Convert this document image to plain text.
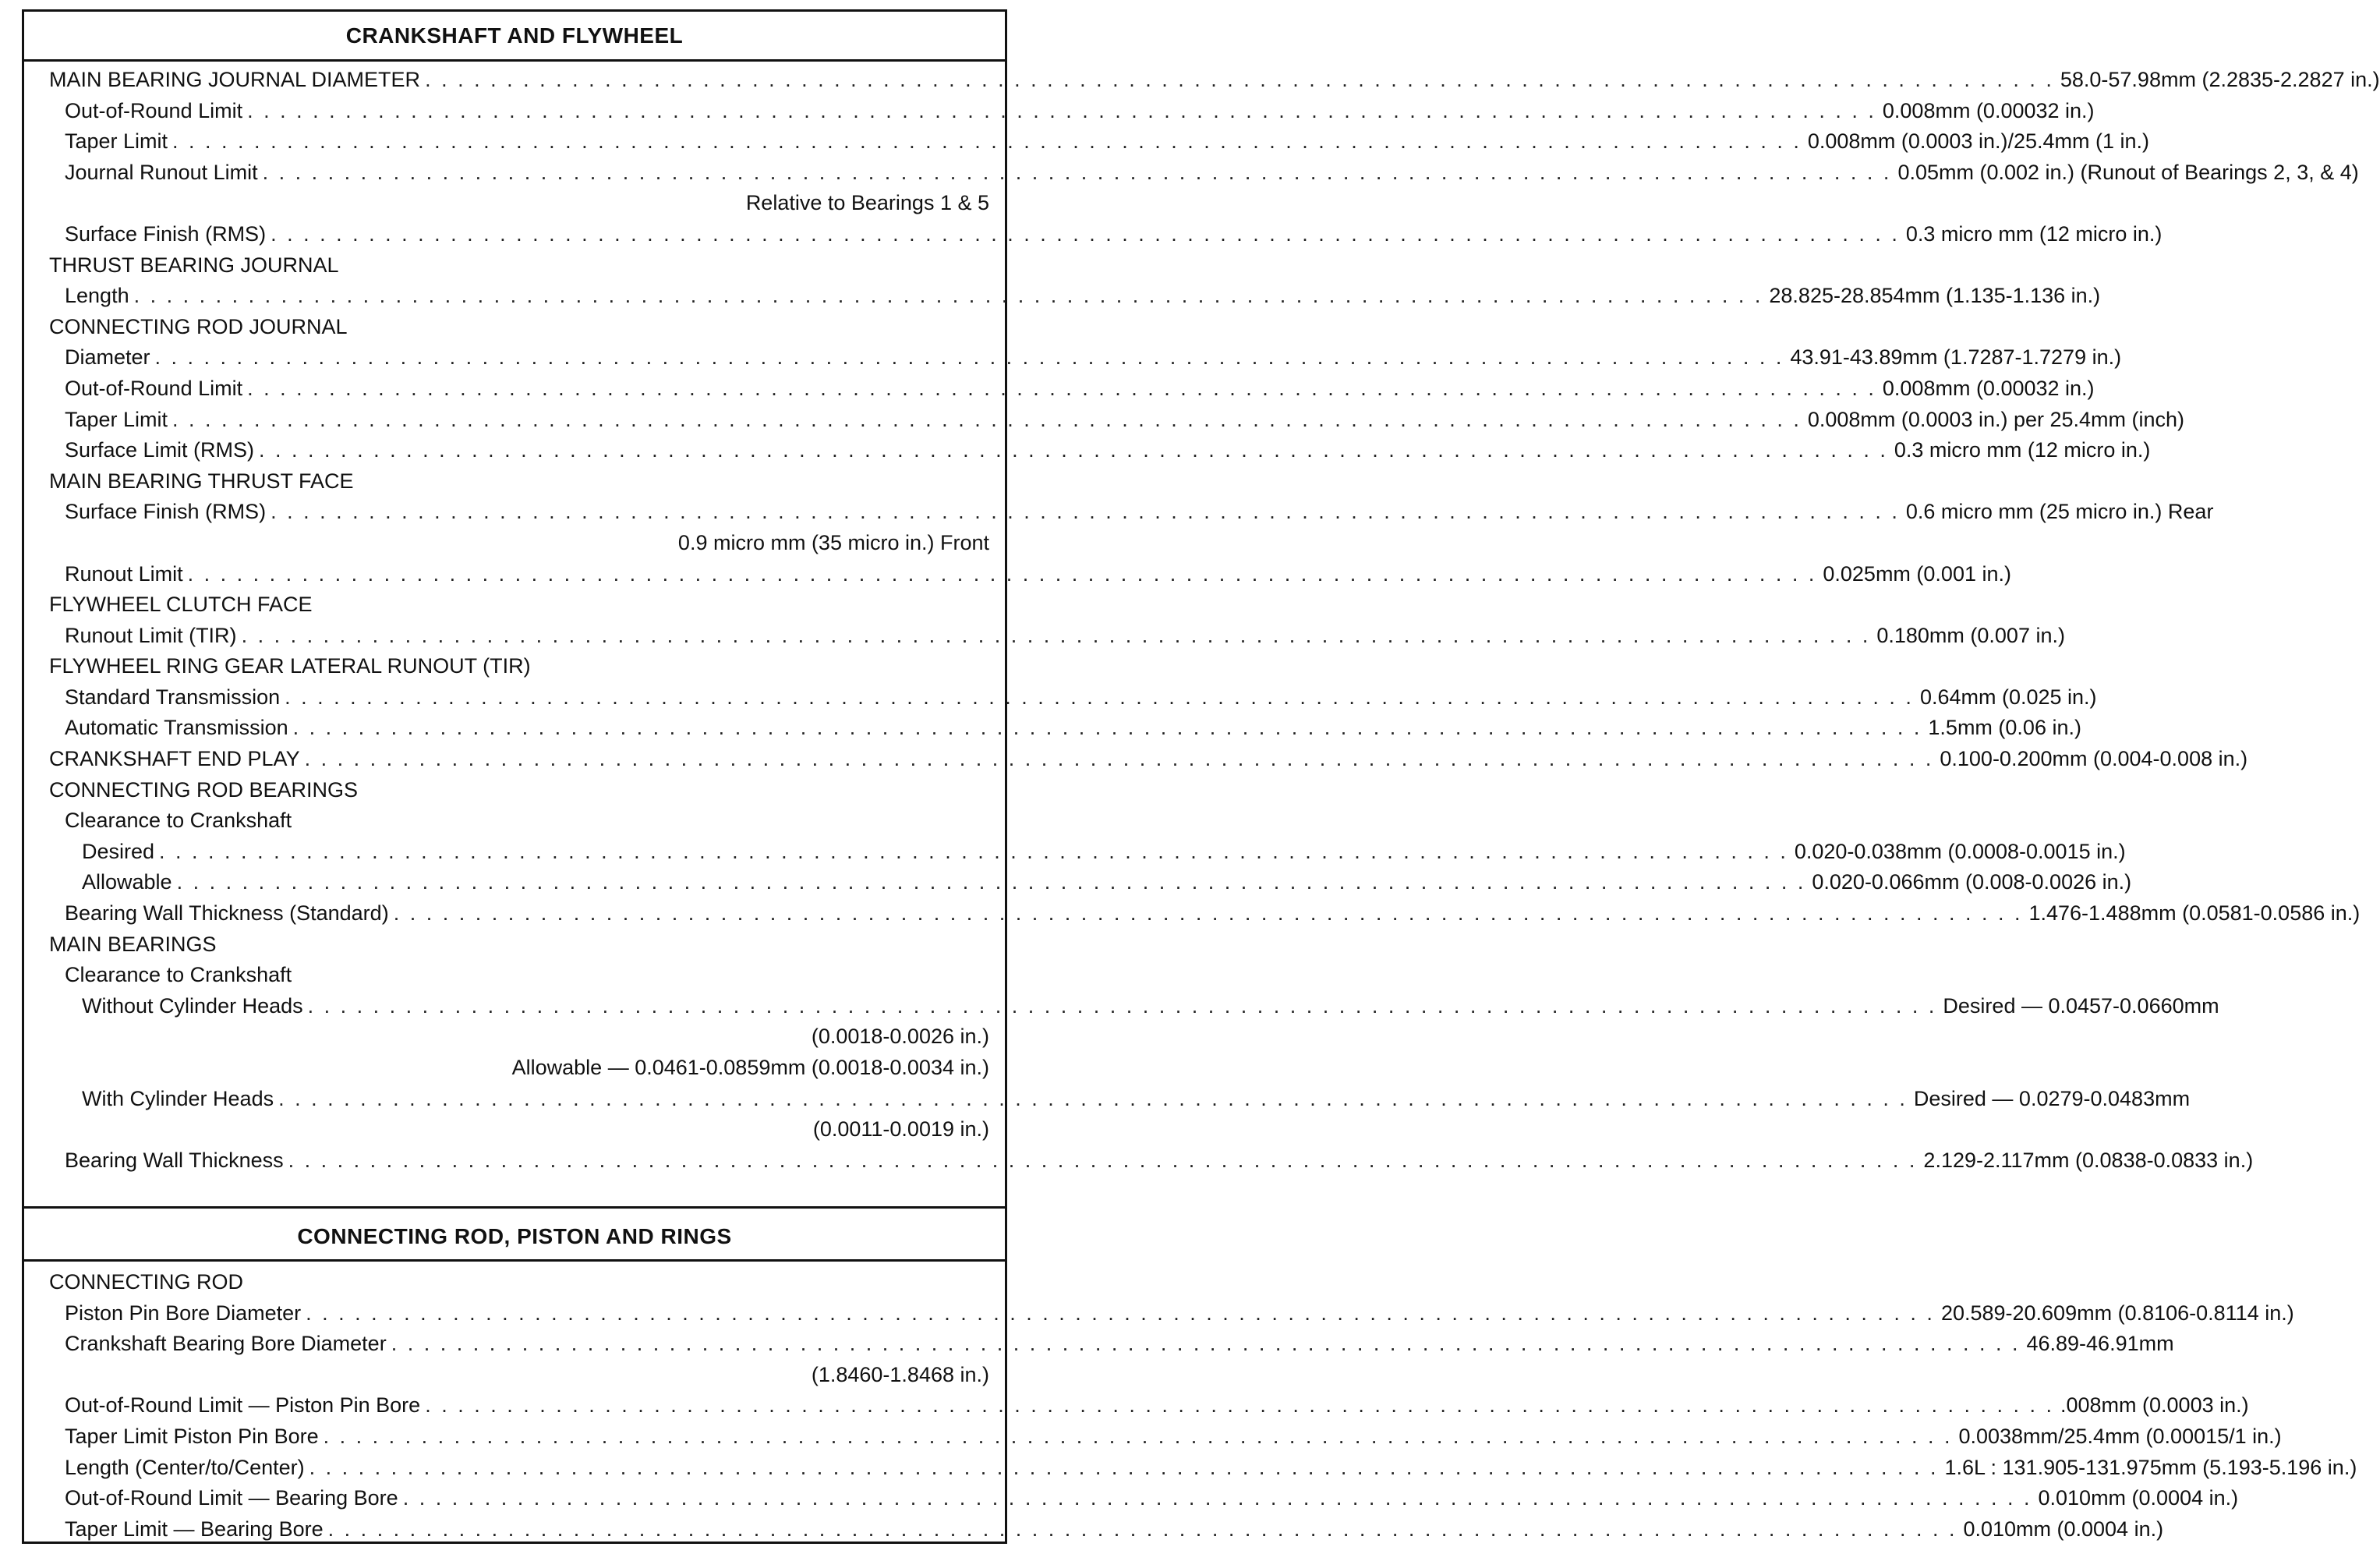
CRANKSHAFT AND FLYWHEEL
MAIN BEARING JOURNAL DIAMETER . . . . . . . . . . . . . . . . . . . . . . . . . . . . . . . . . . . . . . . . . . . . . . . . . . . . . . . . . . . . . . . . . . . . . . . . . . . . . . . . . . . . . . . . . . . . . . . . . . . . 58.0-57.98mm (2.2835-2.2827 in.)
Out-of-Round Limit . . . . . . . . . . . . . . . . . . . . . . . . . . . . . . . . . . . . . . . . . . . . . . . . . . . . . . . . . . . . . . . . . . . . . . . . . . . . . . . . . . . . . . . . . . . . . . . . . . . . 0.008mm (0.00032 in.)
Taper Limit . . . . . . . . . . . . . . . . . . . . . . . . . . . . . . . . . . . . . . . . . . . . . . . . . . . . . . . . . . . . . . . . . . . . . . . . . . . . . . . . . . . . . . . . . . . . . . . . . . . . 0.008mm (0.0003 in.)/25.4mm (1 in.)
Journal Runout Limit . . . . . . . . . . . . . . . . . . . . . . . . . . . . . . . . . . . . . . . . . . . . . . . . . . . . . . . . . . . . . . . . . . . . . . . . . . . . . . . . . . . . . . . . . . . . . . . . . . . . 0.05mm (0.002 in.) (Runout of Bearings 2, 3, & 4)
Relative to Bearings 1 & 5
Surface Finish (RMS) . . . . . . . . . . . . . . . . . . . . . . . . . . . . . . . . . . . . . . . . . . . . . . . . . . . . . . . . . . . . . . . . . . . . . . . . . . . . . . . . . . . . . . . . . . . . . . . . . . . . 0.3 micro mm (12 micro in.)
THRUST BEARING JOURNAL
Length . . . . . . . . . . . . . . . . . . . . . . . . . . . . . . . . . . . . . . . . . . . . . . . . . . . . . . . . . . . . . . . . . . . . . . . . . . . . . . . . . . . . . . . . . . . . . . . . . . . . 28.825-28.854mm (1.135-1.136 in.)
CONNECTING ROD JOURNAL
Diameter . . . . . . . . . . . . . . . . . . . . . . . . . . . . . . . . . . . . . . . . . . . . . . . . . . . . . . . . . . . . . . . . . . . . . . . . . . . . . . . . . . . . . . . . . . . . . . . . . . . . 43.91-43.89mm (1.7287-1.7279 in.)
Out-of-Round Limit . . . . . . . . . . . . . . . . . . . . . . . . . . . . . . . . . . . . . . . . . . . . . . . . . . . . . . . . . . . . . . . . . . . . . . . . . . . . . . . . . . . . . . . . . . . . . . . . . . . . 0.008mm (0.00032 in.)
Taper Limit . . . . . . . . . . . . . . . . . . . . . . . . . . . . . . . . . . . . . . . . . . . . . . . . . . . . . . . . . . . . . . . . . . . . . . . . . . . . . . . . . . . . . . . . . . . . . . . . . . . . 0.008mm (0.0003 in.) per 25.4mm (inch)
Surface Limit (RMS) . . . . . . . . . . . . . . . . . . . . . . . . . . . . . . . . . . . . . . . . . . . . . . . . . . . . . . . . . . . . . . . . . . . . . . . . . . . . . . . . . . . . . . . . . . . . . . . . . . . . 0.3 micro mm (12 micro in.)
MAIN BEARING THRUST FACE
Surface Finish (RMS) . . . . . . . . . . . . . . . . . . . . . . . . . . . . . . . . . . . . . . . . . . . . . . . . . . . . . . . . . . . . . . . . . . . . . . . . . . . . . . . . . . . . . . . . . . . . . . . . . . . . 0.6 micro mm (25 micro in.) Rear
0.9 micro mm (35 micro in.) Front
Runout Limit . . . . . . . . . . . . . . . . . . . . . . . . . . . . . . . . . . . . . . . . . . . . . . . . . . . . . . . . . . . . . . . . . . . . . . . . . . . . . . . . . . . . . . . . . . . . . . . . . . . . 0.025mm (0.001 in.)
FLYWHEEL CLUTCH FACE
Runout Limit (TIR) . . . . . . . . . . . . . . . . . . . . . . . . . . . . . . . . . . . . . . . . . . . . . . . . . . . . . . . . . . . . . . . . . . . . . . . . . . . . . . . . . . . . . . . . . . . . . . . . . . . . 0.180mm (0.007 in.)
FLYWHEEL RING GEAR LATERAL RUNOUT (TIR)
Standard Transmission . . . . . . . . . . . . . . . . . . . . . . . . . . . . . . . . . . . . . . . . . . . . . . . . . . . . . . . . . . . . . . . . . . . . . . . . . . . . . . . . . . . . . . . . . . . . . . . . . . . . 0.64mm (0.025 in.)
Automatic Transmission . . . . . . . . . . . . . . . . . . . . . . . . . . . . . . . . . . . . . . . . . . . . . . . . . . . . . . . . . . . . . . . . . . . . . . . . . . . . . . . . . . . . . . . . . . . . . . . . . . . . 1.5mm (0.06 in.)
CRANKSHAFT END PLAY . . . . . . . . . . . . . . . . . . . . . . . . . . . . . . . . . . . . . . . . . . . . . . . . . . . . . . . . . . . . . . . . . . . . . . . . . . . . . . . . . . . . . . . . . . . . . . . . . . . . 0.100-0.200mm (0.004-0.008 in.)
CONNECTING ROD BEARINGS
Clearance to Crankshaft
Desired . . . . . . . . . . . . . . . . . . . . . . . . . . . . . . . . . . . . . . . . . . . . . . . . . . . . . . . . . . . . . . . . . . . . . . . . . . . . . . . . . . . . . . . . . . . . . . . . . . . . 0.020-0.038mm (0.0008-0.0015 in.)
Allowable . . . . . . . . . . . . . . . . . . . . . . . . . . . . . . . . . . . . . . . . . . . . . . . . . . . . . . . . . . . . . . . . . . . . . . . . . . . . . . . . . . . . . . . . . . . . . . . . . . . . 0.020-0.066mm (0.008-0.0026 in.)
Bearing Wall Thickness (Standard) . . . . . . . . . . . . . . . . . . . . . . . . . . . . . . . . . . . . . . . . . . . . . . . . . . . . . . . . . . . . . . . . . . . . . . . . . . . . . . . . . . . . . . . . . . . . . . . . . . . . 1.476-1.488mm (0.0581-0.0586 in.)
MAIN BEARINGS
Clearance to Crankshaft
Without Cylinder Heads . . . . . . . . . . . . . . . . . . . . . . . . . . . . . . . . . . . . . . . . . . . . . . . . . . . . . . . . . . . . . . . . . . . . . . . . . . . . . . . . . . . . . . . . . . . . . . . . . . . . Desired — 0.0457-0.0660mm
(0.0018-0.0026 in.)
Allowable — 0.0461-0.0859mm (0.0018-0.0034 in.)
With Cylinder Heads . . . . . . . . . . . . . . . . . . . . . . . . . . . . . . . . . . . . . . . . . . . . . . . . . . . . . . . . . . . . . . . . . . . . . . . . . . . . . . . . . . . . . . . . . . . . . . . . . . . . Desired — 0.0279-0.0483mm
(0.0011-0.0019 in.)
Bearing Wall Thickness . . . . . . . . . . . . . . . . . . . . . . . . . . . . . . . . . . . . . . . . . . . . . . . . . . . . . . . . . . . . . . . . . . . . . . . . . . . . . . . . . . . . . . . . . . . . . . . . . . . . 2.129-2.117mm (0.0838-0.0833 in.)
CONNECTING ROD, PISTON AND RINGS
CONNECTING ROD
Piston Pin Bore Diameter . . . . . . . . . . . . . . . . . . . . . . . . . . . . . . . . . . . . . . . . . . . . . . . . . . . . . . . . . . . . . . . . . . . . . . . . . . . . . . . . . . . . . . . . . . . . . . . . . . . . 20.589-20.609mm (0.8106-0.8114 in.)
Crankshaft Bearing Bore Diameter . . . . . . . . . . . . . . . . . . . . . . . . . . . . . . . . . . . . . . . . . . . . . . . . . . . . . . . . . . . . . . . . . . . . . . . . . . . . . . . . . . . . . . . . . . . . . . . . . . . . 46.89-46.91mm
(1.8460-1.8468 in.)
Out-of-Round Limit — Piston Pin Bore . . . . . . . . . . . . . . . . . . . . . . . . . . . . . . . . . . . . . . . . . . . . . . . . . . . . . . . . . . . . . . . . . . . . . . . . . . . . . . . . . . . . . . . . . . . . . . . . . . . . .008mm (0.0003 in.)
Taper Limit Piston Pin Bore . . . . . . . . . . . . . . . . . . . . . . . . . . . . . . . . . . . . . . . . . . . . . . . . . . . . . . . . . . . . . . . . . . . . . . . . . . . . . . . . . . . . . . . . . . . . . . . . . . . . 0.0038mm/25.4mm (0.00015/1 in.)
Length (Center/to/Center) . . . . . . . . . . . . . . . . . . . . . . . . . . . . . . . . . . . . . . . . . . . . . . . . . . . . . . . . . . . . . . . . . . . . . . . . . . . . . . . . . . . . . . . . . . . . . . . . . . . . 1.6L : 131.905-131.975mm (5.193-5.196 in.)
Out-of-Round Limit — Bearing Bore . . . . . . . . . . . . . . . . . . . . . . . . . . . . . . . . . . . . . . . . . . . . . . . . . . . . . . . . . . . . . . . . . . . . . . . . . . . . . . . . . . . . . . . . . . . . . . . . . . . . 0.010mm (0.0004 in.)
Taper Limit — Bearing Bore . . . . . . . . . . . . . . . . . . . . . . . . . . . . . . . . . . . . . . . . . . . . . . . . . . . . . . . . . . . . . . . . . . . . . . . . . . . . . . . . . . . . . . . . . . . . . . . . . . . . 0.010mm (0.0004 in.)
